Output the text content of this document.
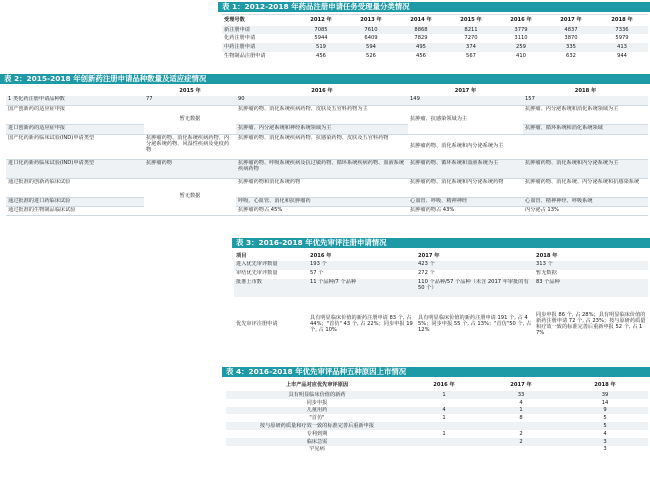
表 1：2012-2018 年药品注册申请任务受理量分类情况
受理号数	2012 年	2013 年	2014 年	2015 年	2016 年	2017 年	2018 年
新注册申请	7085	7610	8868	8211	3779	4837	7336
化药注册申请	5944	6409	7829	7270	3110	3870	5979
中药注册申请	519	594	495	374	259	335	413
生物制品注册申请	456	526	456	567	410	632	944
表 2：2015-2018 年创新药注册申请品种数量及适应症情况
	2015 年	2016 年	2017 年	2018 年
1 类化药注册申请品种数	77	90	149	157
国产创新药的适应症申报	暂无数据	抗肿瘤药物、消化系统疾病药物、皮肤及五官科药物为主	抗肿瘤、抗感染领域为主	抗肿瘤、内分泌系统和消化系统领域为主
进口创新药的适应症申报		抗肿瘤、内分泌系统和神经系统领域为主		抗肿瘤、循环系统和消化系统领域
国产化药新药临床试验(IND)申请类型	抗肿瘤药物、消化系统疾病药物、内分泌系统药物、风湿性疾病及免疫药物	抗肿瘤药物、消化系统疾病药物、抗感染药物、皮肤及五官科药物	抗肿瘤药物、消化系统和内分泌系统为主	
进口化药新药临床试验(IND)申请类型	抗肿瘤药物	抗肿瘤药物、呼吸系统疾病及抗过敏药物、循环系统疾病药物、血液系统疾病药物	抗肿瘤药物、循环系统和血液系统为主	抗肿瘤药物、消化系统和内分泌系统为主
通过批准的创新药临床试验	暂无数据	抗肿瘤药物和消化系统药物	抗肿瘤药物、消化系统和内分泌系统药物	抗肿瘤药物、消化系统、内分泌系统和抗感染系统
通过批准的进口药临床试验		呼吸、心血管、消化和抗肿瘤药	心血管、呼吸、精神神经	心血管、精神神经、呼吸系统
通过批准的生物制品临床试验		抗肿瘤药物占 45%	抗肿瘤药物占 43%	内分泌占 13%
表 3：2016-2018 年优先审评注册申请情况
项目	2016 年	2017 年	2018 年
进入优先审评数量	193 个	423 个	313 个
审结优先审评数量	57 个	272 个	暂无数据
批准上市数	11 个品种/7 个品种	110 个品种/57 个品种（未含 2017 年审批的有 50 个）	83 个品种
优先审评注册申请	具有明显临床价值的新药注册申请 83 个, 占 44%；"首仿" 43 个, 占 22%；同步申报 19 个, 占 10%	具有明显临床价值的新药注册申请 191 个, 占 45%；同步申报 55 个, 占 13%；"首仿"50 个, 占 12%	同步申报 86 个, 占 28%；具有明显临床价值的新药注册申请 72 个, 占 23%；按与原研药质量和疗效一致的标准完善后重新申报 52 个, 占 17%
表 4：2016-2018 年优先审评品种五种原因上市情况
上市产品对应优先审评原因	2016 年	2017 年	2018 年
具有明显临床价值的新药	1	33	39
同步申报		4	14
儿童用药	4	1	9
"首仿"	1	8	5
按与原研药质量和疗效一致的标准完善后重新申报			5
专利到期	1	2	4
临床急需		2	3
罕见病			3
